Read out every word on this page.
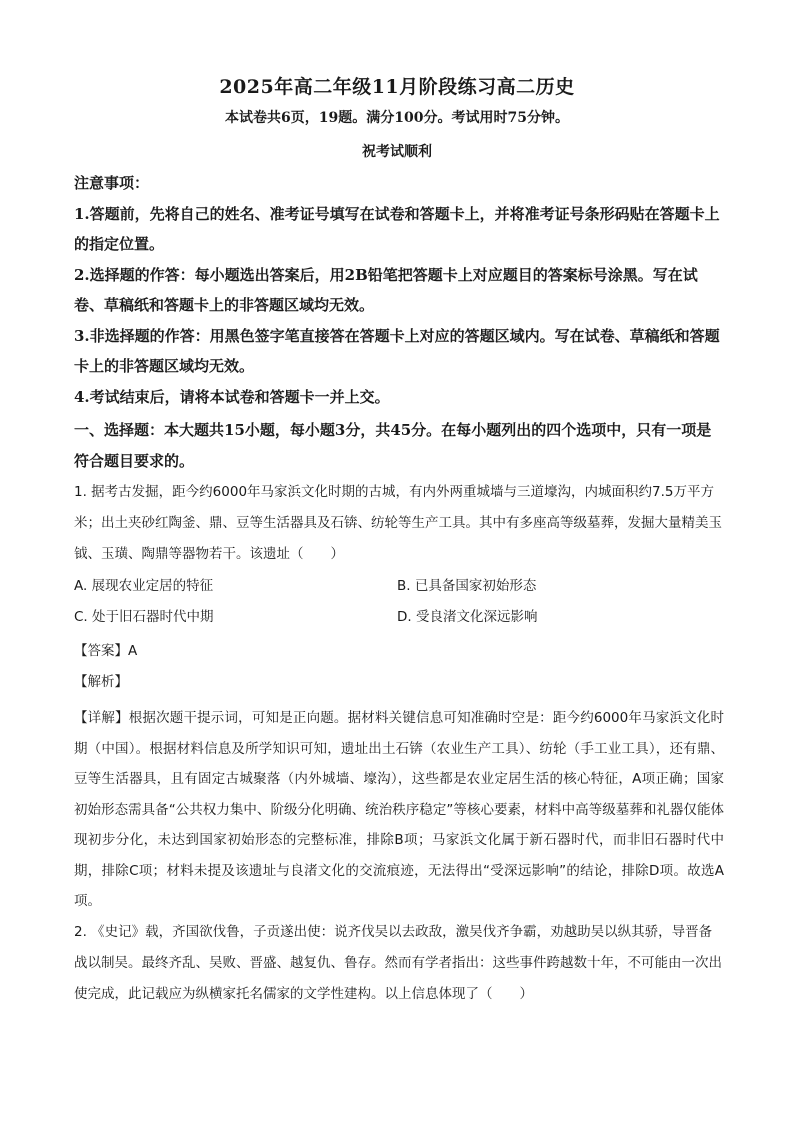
2025年高二年级11月阶段练习高二历史
本试卷共6页，19题。满分100分。考试用时75分钟。
祝考试顺利

注意事项：

1.答题前，先将自己的姓名、准考证号填写在试卷和答题卡上，并将准考证号条形码贴在答题卡上的指定位置。

2.选择题的作答：每小题选出答案后，用2B铅笔把答题卡上对应题目的答案标号涂黑。写在试卷、草稿纸和答题卡上的非答题区域均无效。

3.非选择题的作答：用黑色签字笔直接答在答题卡上对应的答题区域内。写在试卷、草稿纸和答题卡上的非答题区域均无效。

4.考试结束后，请将本试卷和答题卡一并上交。

一、选择题：本大题共15小题，每小题3分，共45分。在每小题列出的四个选项中，只有一项是符合题目要求的。
1. 据考古发掘，距今约6000年马家浜文化时期的古城，有内外两重城墙与三道壕沟，内城面积约7.5万平方米；出土夹砂红陶釜、鼎、豆等生活器具及石锛、纺轮等生产工具。其中有多座高等级墓葬，发掘大量精美玉钺、玉璜、陶鼎等器物若干。该遗址（　　）
A. 展现农业定居的特征	B. 已具备国家初始形态
C. 处于旧石器时代中期	D. 受良渚文化深远影响
【答案】A
【解析】
【详解】根据次题干提示词，可知是正向题。据材料关键信息可知准确时空是：距今约6000年马家浜文化时期（中国）。根据材料信息及所学知识可知，遗址出土石锛（农业生产工具）、纺轮（手工业工具），还有鼎、豆等生活器具，且有固定古城聚落（内外城墙、壕沟），这些都是农业定居生活的核心特征，A项正确；国家初始形态需具备“公共权力集中、阶级分化明确、统治秩序稳定”等核心要素，材料中高等级墓葬和礼器仅能体现初步分化，未达到国家初始形态的完整标准，排除B项；马家浜文化属于新石器时代，而非旧石器时代中期，排除C项；材料未提及该遗址与良渚文化的交流痕迹，无法得出“受深远影响”的结论，排除D项。故选A项。
2. 《史记》载，齐国欲伐鲁，子贡遂出使：说齐伐吴以去政敌，激吴伐齐争霸，劝越助吴以纵其骄，导晋备战以制吴。最终齐乱、吴败、晋盛、越复仇、鲁存。然而有学者指出：这些事件跨越数十年，不可能由一次出使完成，此记载应为纵横家托名儒家的文学性建构。以上信息体现了（　　）
